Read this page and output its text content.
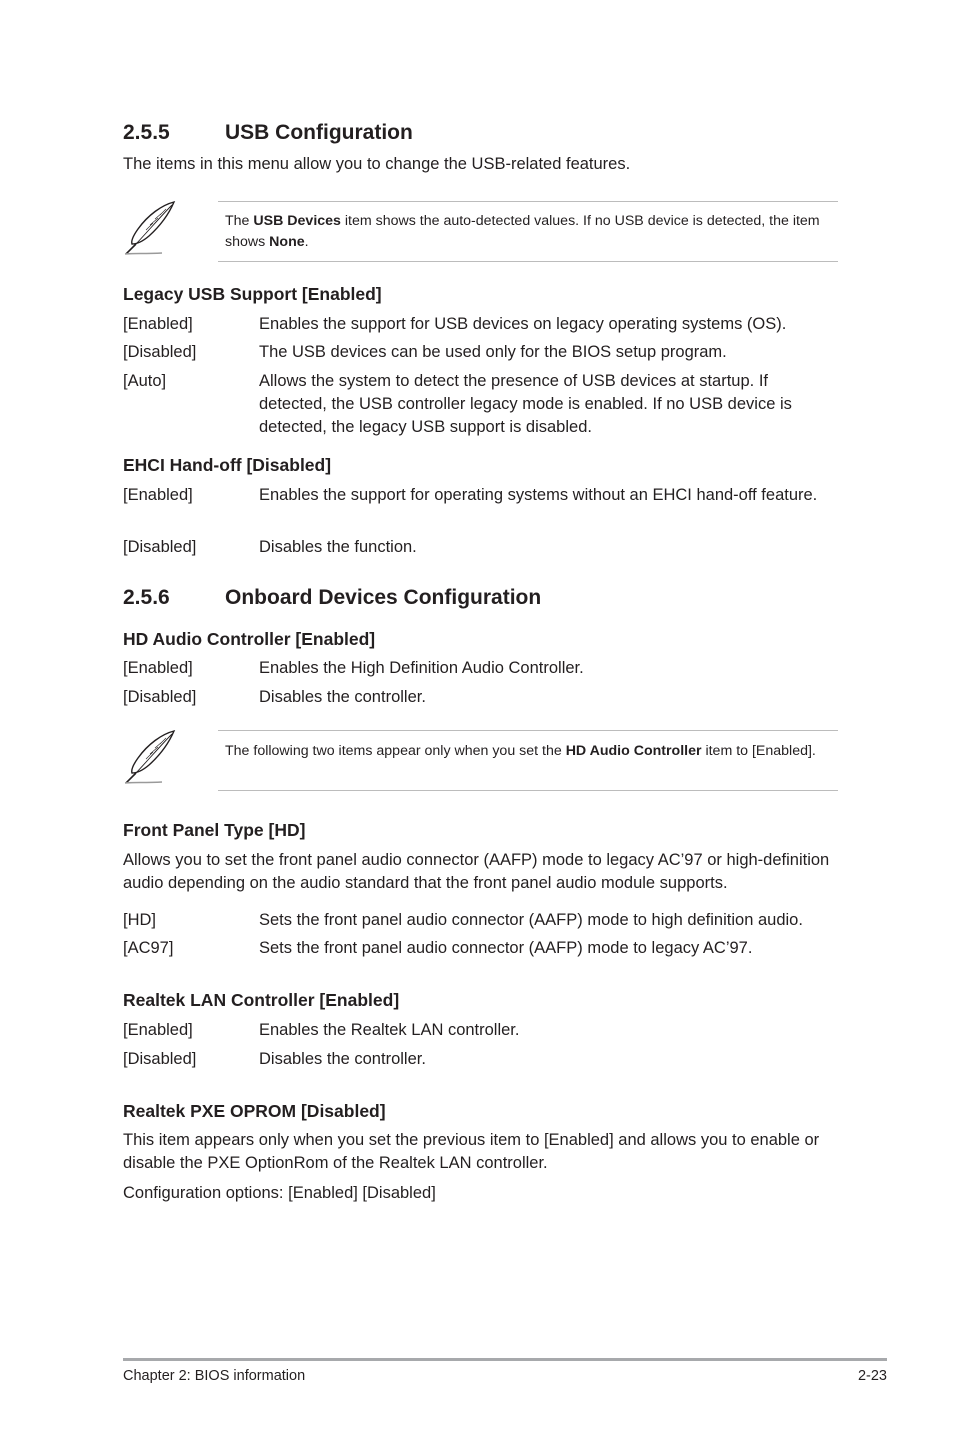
2.5.5	USB Configuration
The items in this menu allow you to change the USB-related features.
The USB Devices item shows the auto-detected values. If no USB device is detected, the item shows None.
Legacy USB Support [Enabled]
[Enabled]	Enables the support for USB devices on legacy operating systems (OS).
[Disabled]	The USB devices can be used only for the BIOS setup program.
[Auto]	Allows the system to detect the presence of USB devices at startup. If detected, the USB controller legacy mode is enabled. If no USB device is detected, the legacy USB support is disabled.
EHCI Hand-off [Disabled]
[Enabled]	Enables the support for operating systems without an EHCI hand-off feature.
[Disabled]	Disables the function.
2.5.6	Onboard Devices Configuration
HD Audio Controller [Enabled]
[Enabled]	Enables the High Definition Audio Controller.
[Disabled]	Disables the controller.
The following two items appear only when you set the HD Audio Controller item to [Enabled].
Front Panel Type [HD]
Allows you to set the front panel audio connector (AAFP) mode to legacy AC’97 or high-definition audio depending on the audio standard that the front panel audio module supports.
[HD]	Sets the front panel audio connector (AAFP) mode to high definition audio.
[AC97]	Sets the front panel audio connector (AAFP) mode to legacy AC’97.
Realtek LAN Controller [Enabled]
[Enabled]	Enables the Realtek LAN controller.
[Disabled]	Disables the controller.
Realtek PXE OPROM [Disabled]
This item appears only when you set the previous item to [Enabled] and allows you to enable or disable the PXE OptionRom of the Realtek LAN controller.
Configuration options: [Enabled] [Disabled]
Chapter 2: BIOS information	2-23
